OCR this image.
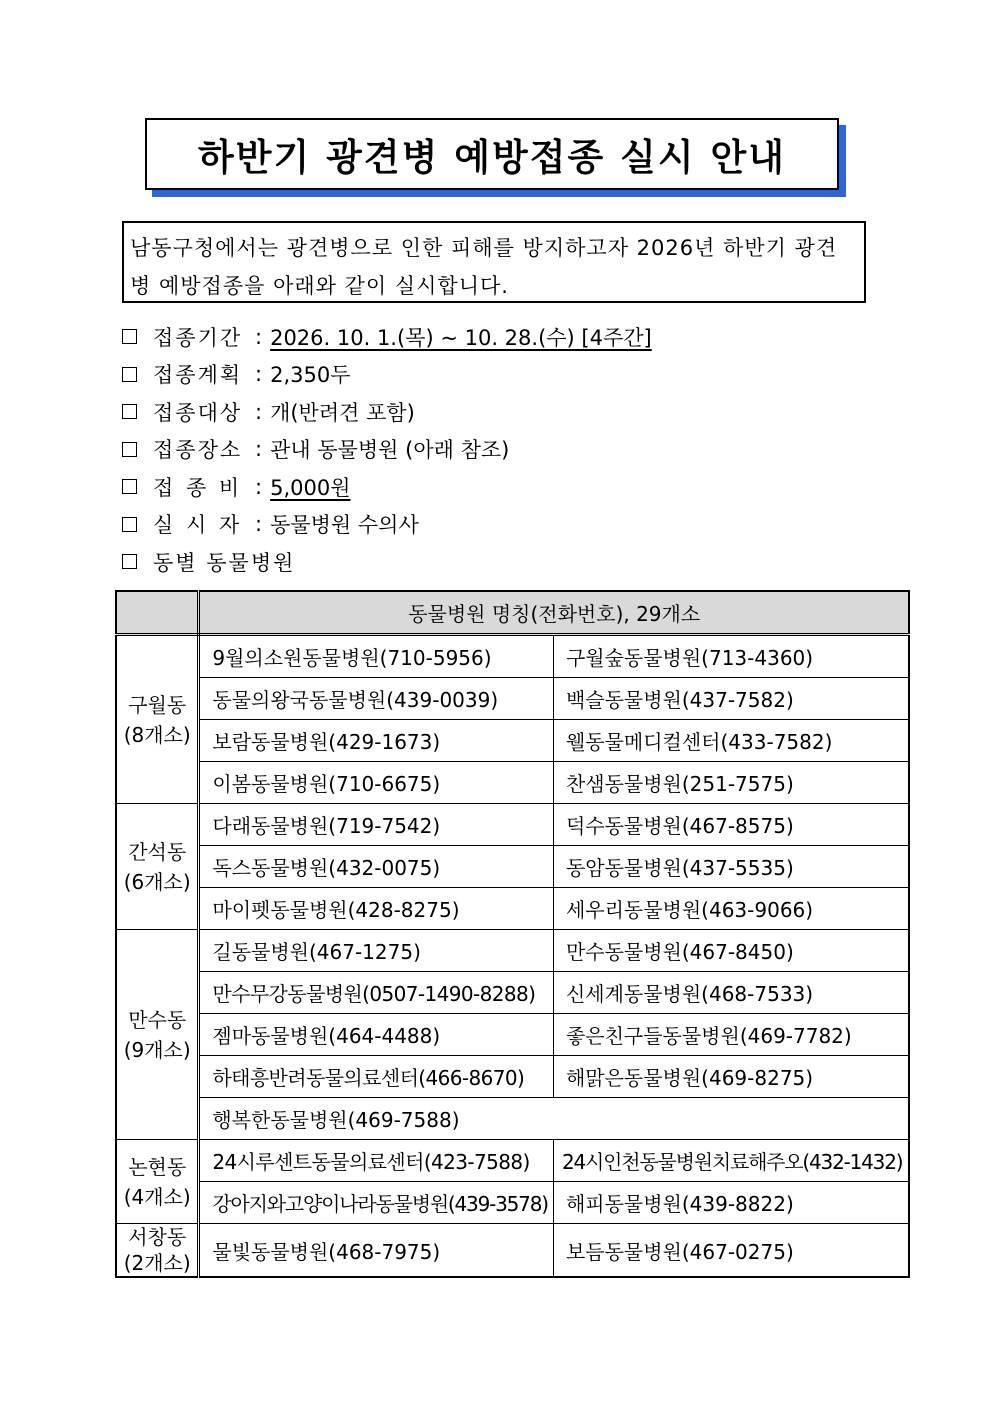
하반기 광견병 예방접종 실시 안내
남동구청에서는 광견병으로 인한 피해를 방지하고자 2026년 하반기 광견병 예방접종을 아래와 같이 실시합니다.
접종기간 : 2026. 10. 1.(목) ~ 10. 28.(수) [4주간]
접종계획 : 2,350두
접종대상 : 개(반려견 포함)
접종장소 : 관내 동물병원 (아래 참조)
접 종 비 : 5,000원
실 시 자 : 동물병원 수의사
동별 동물병원
	동물병원 명칭(전화번호), 29개소	

구월동
(8개소)	9월의소원동물병원(710-5956)	구월숲동물병원(713-4360)
	동물의왕국동물병원(439-0039)	백슬동물병원(437-7582)
	보람동물병원(429-1673)	웰동물메디컬센터(433-7582)
	이봄동물병원(710-6675)	찬샘동물병원(251-7575)

간석동
(6개소)	다래동물병원(719-7542)	덕수동물병원(467-8575)
	독스동물병원(432-0075)	동암동물병원(437-5535)
	마이펫동물병원(428-8275)	세우리동물병원(463-9066)

만수동
(9개소)	길동물병원(467-1275)	만수동물병원(467-8450)
	만수무강동물병원(0507-1490-8288)	신세계동물병원(468-7533)
	젬마동물병원(464-4488)	좋은친구들동물병원(469-7782)
	하태흥반려동물의료센터(466-8670)	해맑은동물병원(469-8275)
	행복한동물병원(469-7588)	

논현동
(4개소)	24시루센트동물의료센터(423-7588)	24시인천동물병원치료해주오(432-1432)
	강아지와고양이나라동물병원(439-3578)	해피동물병원(439-8822)

서창동
(2개소)	물빛동물병원(468-7975)	보듬동물병원(467-0275)
